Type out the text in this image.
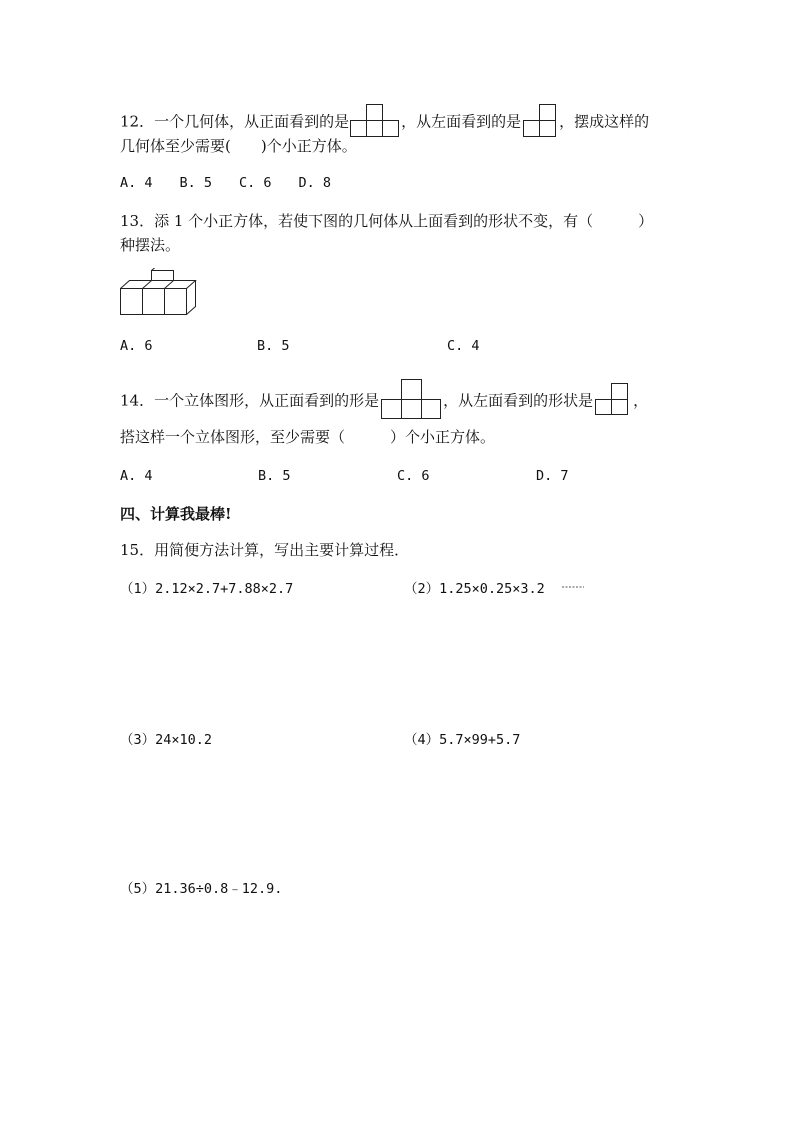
12．一个几何体，从正面看到的是	，从左面看到的是	，摆成这样的
几何体至少需要(　　)个小正方体。
A. 4　　B. 5　　C. 6　　D. 8
13．添 1 个小正方体，若使下图的几何体从上面看到的形状不变，有（　　　）
种摆法。
A. 6	B. 5	C. 4
14．一个立体图形，从正面看到的形是	，从左面看到的形状是	，
搭这样一个立体图形，至少需要（　　　）个小正方体。
A. 4	B. 5	C. 6	D. 7
四、计算我最棒!
15．用简便方法计算，写出主要计算过程．
（1）2.12×2.7+7.88×2.7	（2）1.25×0.25×3.2
（3）24×10.2	（4）5.7×99+5.7
（5）21.36÷0.8﹣12.9.
